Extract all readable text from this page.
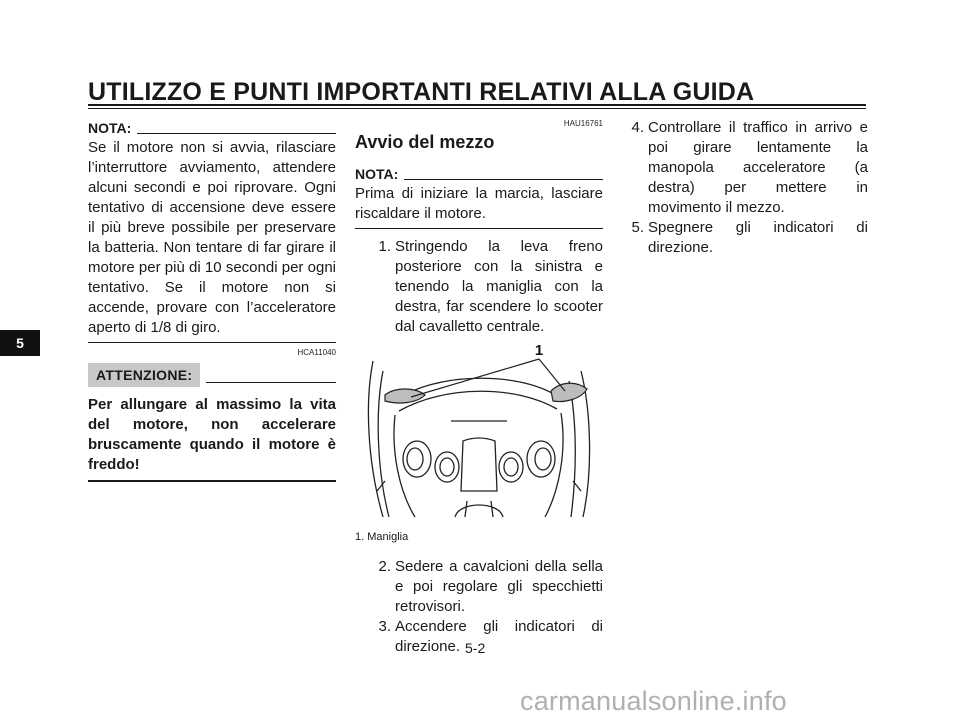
UTILIZZO E PUNTI IMPORTANTI RELATIVI ALLA GUIDA
5
NOTA:
Se il motore non si avvia, rilasciare l’interruttore avviamento, attendere alcuni secondi e poi riprovare. Ogni tentativo di accensione deve essere il più breve possibile per preservare la batteria. Non tentare di far girare il motore per più di 10 secondi per ogni tentativo. Se il motore non si accende, provare con l’acceleratore aperto di 1/8 di giro.
HCA11040
ATTENZIONE:
Per allungare al massimo la vita del motore, non accelerare bruscamente quando il motore è freddo!
HAU16761
Avvio del mezzo
NOTA:
Prima di iniziare la marcia, lasciare riscaldare il motore.
1. Stringendo la leva freno posteriore con la sinistra e tenendo la maniglia con la destra, far scendere lo scooter dal cavalletto centrale.
1
1. Maniglia
2. Sedere a cavalcioni della sella e poi regolare gli specchietti retrovisori.
3. Accendere gli indicatori di direzione.
4. Controllare il traffico in arrivo e poi girare lentamente la manopola acceleratore (a destra) per mettere in movimento il mezzo.
5. Spegnere gli indicatori di direzione.
5-2
carmanualsonline.info
